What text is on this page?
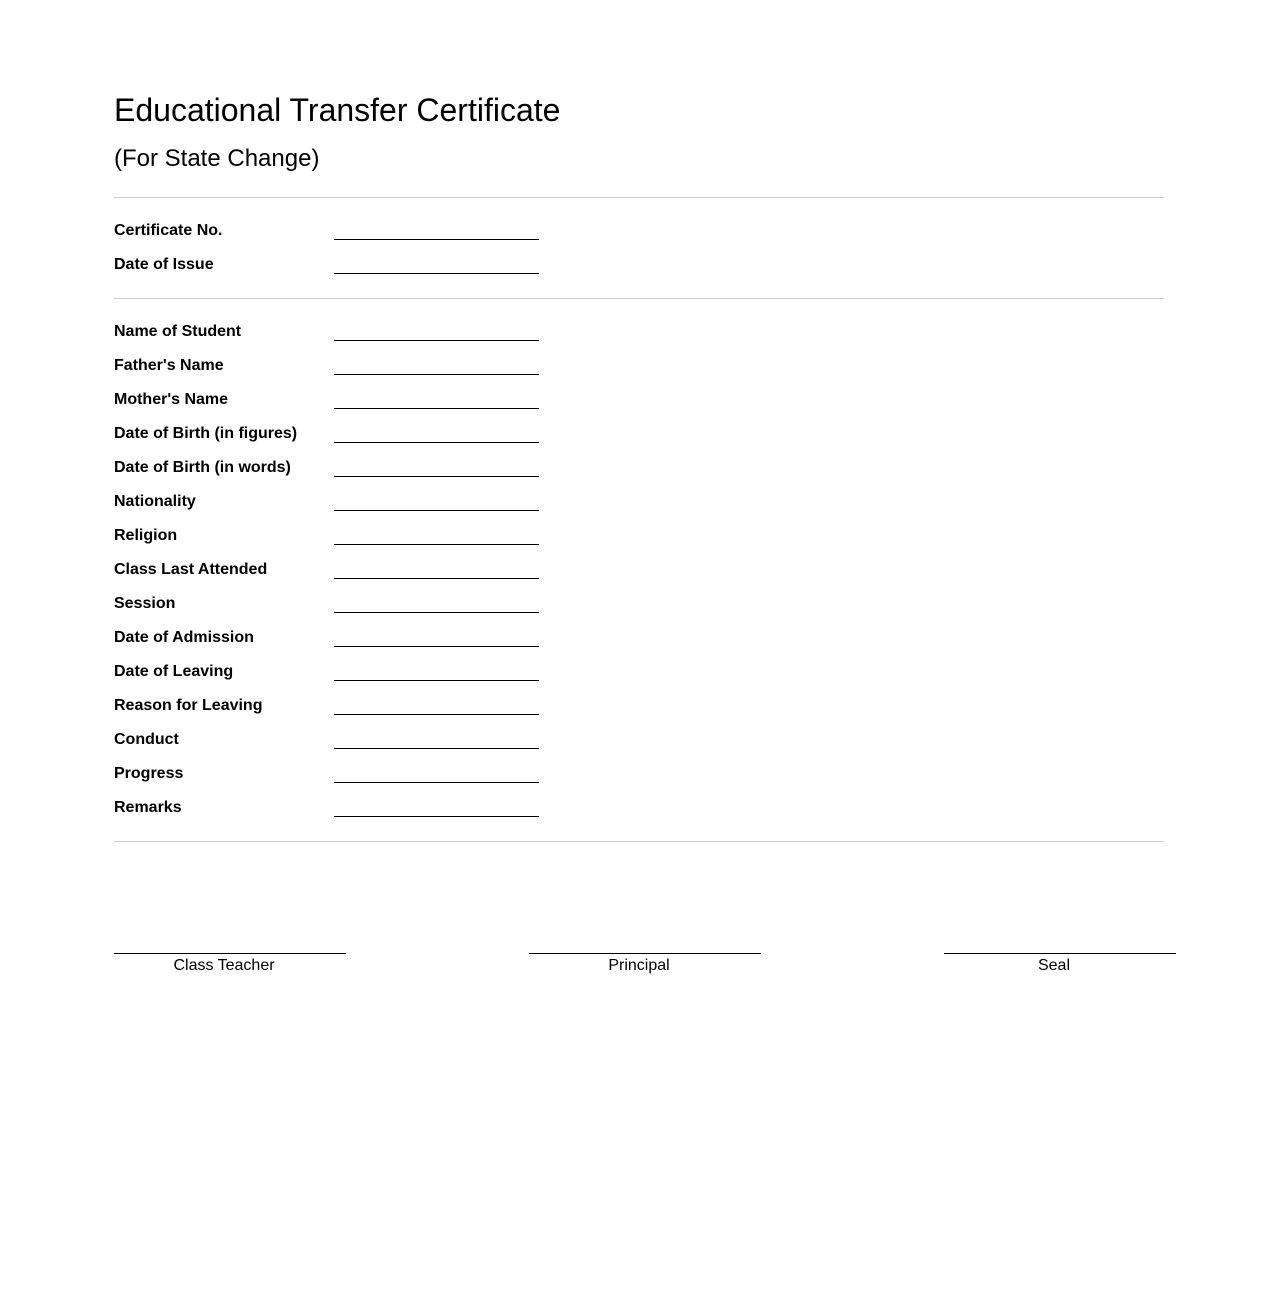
Educational Transfer Certificate
(For State Change)
Certificate No.
Date of Issue
Name of Student
Father's Name
Mother's Name
Date of Birth (in figures)
Date of Birth (in words)
Nationality
Religion
Class Last Attended
Session
Date of Admission
Date of Leaving
Reason for Leaving
Conduct
Progress
Remarks
Class Teacher	Principal	Seal
